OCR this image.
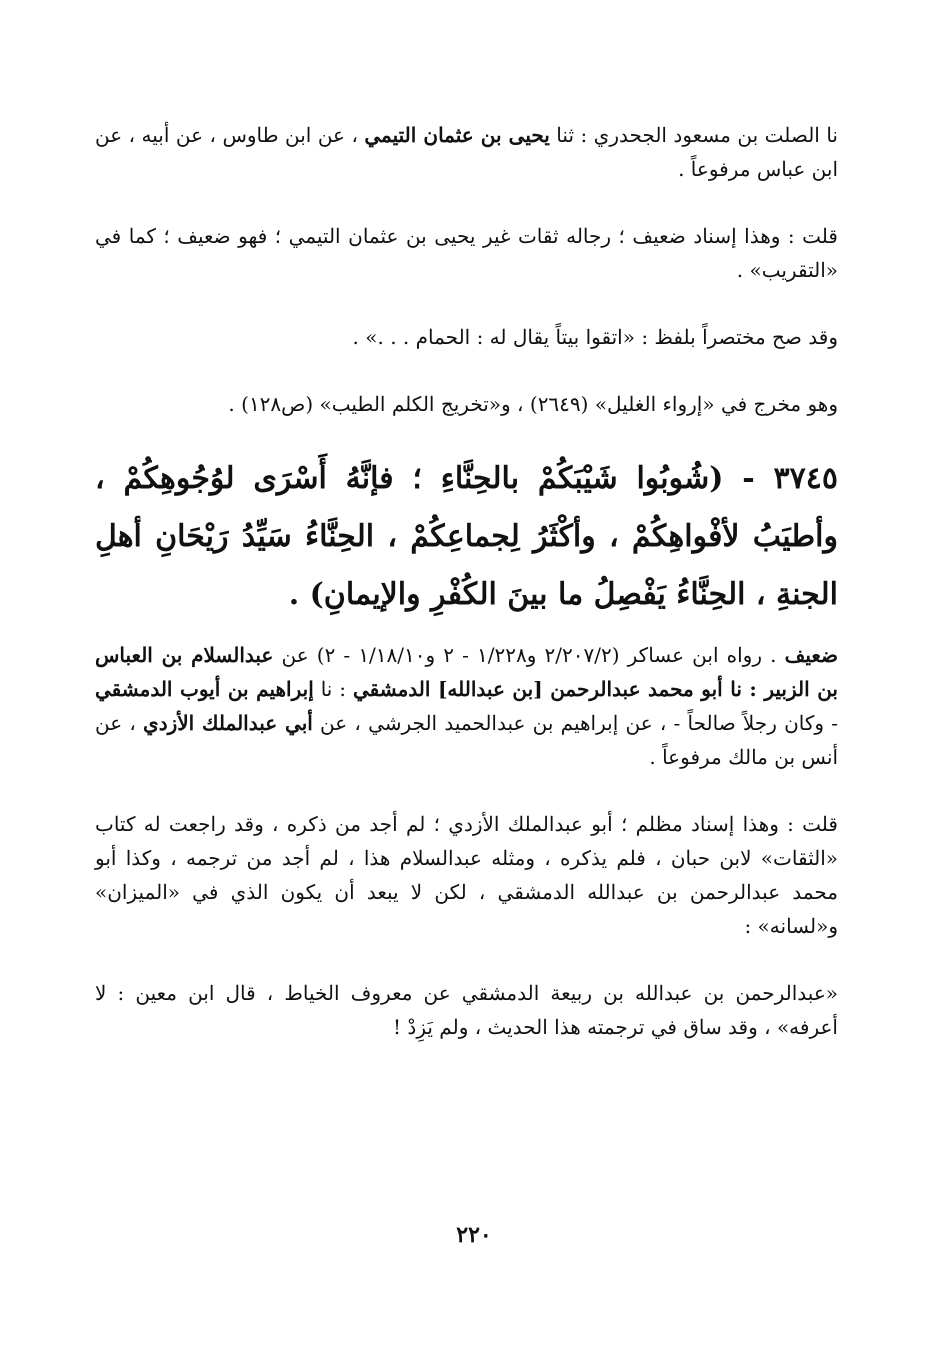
نا الصلت بن مسعود الجحدري : ثنا يحيى بن عثمان التيمي ، عن ابن طاوس ، عن أبيه ، عن ابن عباس مرفوعاً .

قلت : وهذا إسناد ضعيف ؛ رجاله ثقات غير يحيى بن عثمان التيمي ؛ فهو ضعيف ؛ كما في «التقريب» .

وقد صح مختصراً بلفظ : «اتقوا بيتاً يقال له : الحمام . . .» .

وهو مخرج في «إرواء الغليل» (٢٦٤٩) ، و«تخريج الكلم الطيب» (ص١٢٨) .

٣٧٤٥ - (شُوبُوا شَيْبَكُمْ بالحِنَّاءِ ؛ فإنَّهُ أَسْرَى لوُجُوهِكُمْ ، وأطيَبُ لأفْواهِكُمْ ، وأكْثَرُ لِجماعِكُمْ ، الحِنَّاءُ سَيِّدُ رَيْحَانِ أهلِ الجنةِ ، الحِنَّاءُ يَفْصِلُ ما بينَ الكُفْرِ والإيمانِ) .

ضعيف . رواه ابن عساكر (٢/٢٠٧/٢ و١/٢٢٨ - ٢ و١/١٨/١٠ - ٢) عن عبدالسلام بن العباس بن الزبير : نا أبو محمد عبدالرحمن [بن عبدالله] الدمشقي : نا إبراهيم بن أيوب الدمشقي - وكان رجلاً صالحاً - ، عن إبراهيم بن عبدالحميد الجرشي ، عن أبي عبدالملك الأزدي ، عن أنس بن مالك مرفوعاً .

قلت : وهذا إسناد مظلم ؛ أبو عبدالملك الأزدي ؛ لم أجد من ذكره ، وقد راجعت له كتاب «الثقات» لابن حبان ، فلم يذكره ، ومثله عبدالسلام هذا ، لم أجد من ترجمه ، وكذا أبو محمد عبدالرحمن بن عبدالله الدمشقي ، لكن لا يبعد أن يكون الذي في «الميزان» و«لسانه» :

«عبدالرحمن بن عبدالله بن ربيعة الدمشقي عن معروف الخياط ، قال ابن معين : لا أعرفه» ، وقد ساق في ترجمته هذا الحديث ، ولم يَزِدْ !

٢٢٠
